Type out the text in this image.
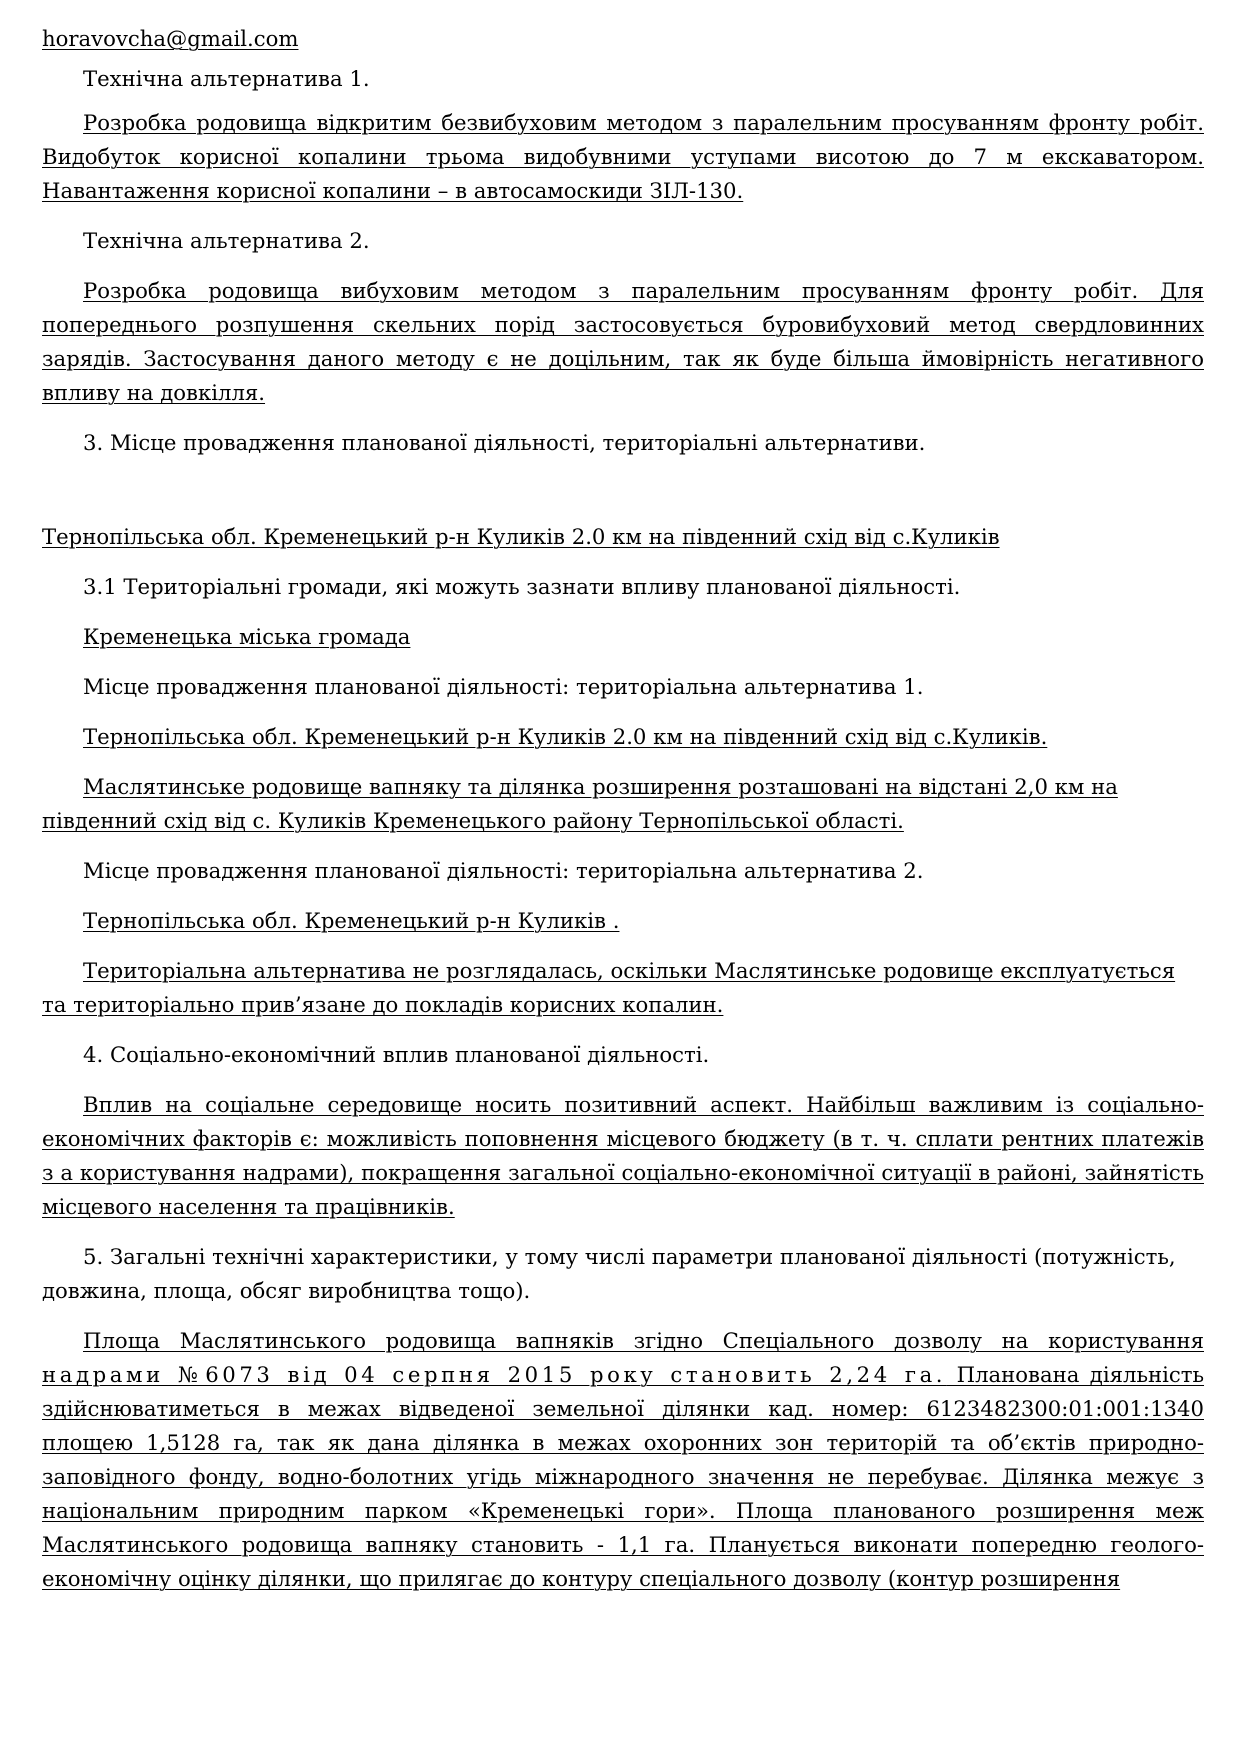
horavovcha@gmail.com
Технічна альтернатива 1.
Розробка родовища відкритим безвибуховим методом з паралельним просуванням фронту робіт. Видобуток корисної копалини трьома видобувними уступами висотою до 7 м екскаватором. Навантаження корисної копалини – в автосамоскиди ЗІЛ-130.
Технічна альтернатива 2.
Розробка родовища вибуховим методом з паралельним просуванням фронту робіт. Для попереднього розпушення скельних порід застосовується буровибуховий метод свердловинних зарядів. Застосування даного методу є не доцільним, так як буде більша ймовірність негативного впливу на довкілля.
3. Місце провадження планованої діяльності, територіальні альтернативи.
Тернопільська обл. Кременецький р-н Куликів 2.0 км на південний схід від с.Куликів
3.1 Територіальні громади, які можуть зазнати впливу планованої діяльності.
Кременецька міська громада
Місце провадження планованої діяльності: територіальна альтернатива 1.
Тернопільська обл. Кременецький р-н Куликів 2.0 км на південний схід від с.Куликів.
Маслятинське родовище вапняку та ділянка розширення розташовані на відстані 2,0 км на південний схід від с. Куликів Кременецького району Тернопільської області.
Місце провадження планованої діяльності: територіальна альтернатива 2.
Тернопільська обл. Кременецький р-н Куликів .
Територіальна альтернатива не розглядалась, оскільки Маслятинське родовище експлуатується та територіально прив’язане до покладів корисних копалин.
4. Соціально-економічний вплив планованої діяльності.
Вплив на соціальне середовище носить позитивний аспект. Найбільш важливим із соціально-економічних факторів є: можливість поповнення місцевого бюджету (в т. ч. сплати рентних платежів з а користування надрами), покращення загальної соціально-економічної ситуації в районі, зайнятість місцевого населення та працівників.
5. Загальні технічні характеристики, у тому числі параметри планованої діяльності (потужність, довжина, площа, обсяг виробництва тощо).
Площа Маслятинського родовища вапняків згідно Спеціального дозволу на користування надрами №6073 від 04 серпня 2015 року становить 2,24 га. Планована діяльність здійснюватиметься в межах відведеної земельної ділянки кад. номер: 6123482300:01:001:1340 площею 1,5128 га, так як дана ділянка в межах охоронних зон територій та об’єктів природно-заповідного фонду, водно-болотних угідь міжнародного значення не перебуває. Ділянка межує з національним природним парком «Кременецькі гори». Площа планованого розширення меж Маслятинського родовища вапняку становить - 1,1 га. Планується виконати попередню геолого-економічну оцінку ділянки, що прилягає до контуру спеціального дозволу (контур розширення
